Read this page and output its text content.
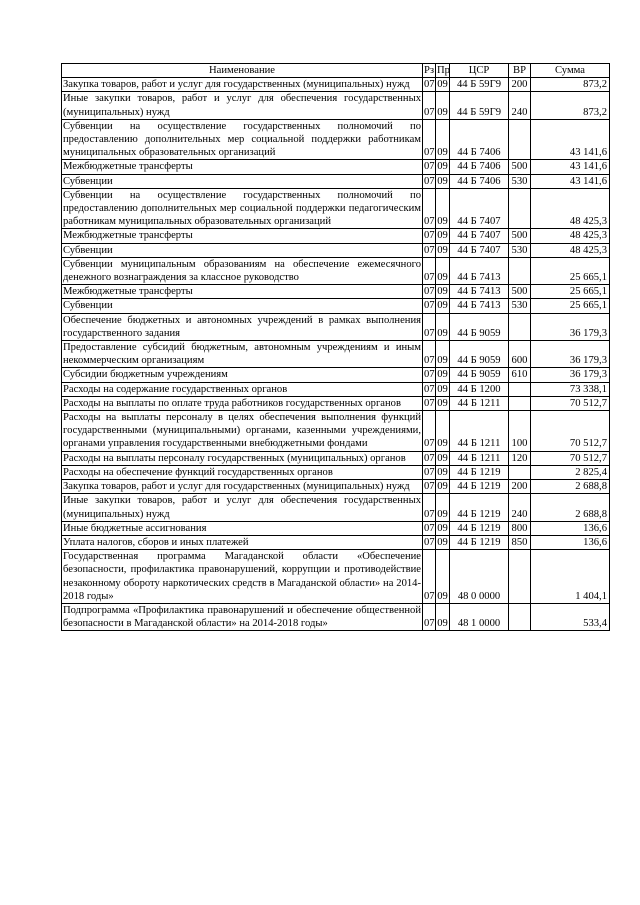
Наименование	Рз	Пр	ЦСР	ВР	Сумма
Закупка товаров, работ и услуг для государственных (муниципальных) нужд	07	09	44 Б 59Г9	200	873,2
Иные закупки товаров, работ и услуг для обеспечения государственных (муниципальных) нужд	07	09	44 Б 59Г9	240	873,2
Субвенции на осуществление государственных полномочий по предоставлению дополнительных мер социальной поддержки работникам муниципальных образовательных организаций	07	09	44 Б 7406		43 141,6
Межбюджетные трансферты	07	09	44 Б 7406	500	43 141,6
Субвенции	07	09	44 Б 7406	530	43 141,6
Субвенции на осуществление государственных полномочий по предоставлению дополнительных мер социальной поддержки педагогическим работникам муниципальных образовательных организаций	07	09	44 Б 7407		48 425,3
Межбюджетные трансферты	07	09	44 Б 7407	500	48 425,3
Субвенции	07	09	44 Б 7407	530	48 425,3
Субвенции муниципальным образованиям на обеспечение ежемесячного денежного вознаграждения за классное руководство	07	09	44 Б 7413		25 665,1
Межбюджетные трансферты	07	09	44 Б 7413	500	25 665,1
Субвенции	07	09	44 Б 7413	530	25 665,1
Обеспечение бюджетных и автономных учреждений в рамках выполнения государственного задания	07	09	44 Б 9059		36 179,3
Предоставление субсидий бюджетным, автономным учреждениям и иным некоммерческим организациям	07	09	44 Б 9059	600	36 179,3
Субсидии бюджетным учреждениям	07	09	44 Б 9059	610	36 179,3
Расходы на содержание государственных органов	07	09	44 Б 1200		73 338,1
Расходы на выплаты по оплате труда работников государственных органов	07	09	44 Б 1211		70 512,7
Расходы на выплаты персоналу в целях обеспечения выполнения функций государственными (муниципальными) органами, казенными учреждениями, органами управления государственными внебюджетными фондами	07	09	44 Б 1211	100	70 512,7
Расходы на выплаты персоналу государственных (муниципальных) органов	07	09	44 Б 1211	120	70 512,7
Расходы на обеспечение функций государственных органов	07	09	44 Б 1219		2 825,4
Закупка товаров, работ и услуг для государственных (муниципальных) нужд	07	09	44 Б 1219	200	2 688,8
Иные закупки товаров, работ и услуг для обеспечения государственных (муниципальных) нужд	07	09	44 Б 1219	240	2 688,8
Иные бюджетные ассигнования	07	09	44 Б 1219	800	136,6
Уплата налогов, сборов и иных платежей	07	09	44 Б 1219	850	136,6
Государственная программа Магаданской области «Обеспечение безопасности, профилактика правонарушений, коррупции и противодействие незаконному обороту наркотических средств в Магаданской области» на 2014-2018 годы»	07	09	48 0 0000		1 404,1
Подпрограмма «Профилактика правонарушений и обеспечение общественной безопасности в Магаданской области» на 2014-2018 годы»	07	09	48 1 0000		533,4
